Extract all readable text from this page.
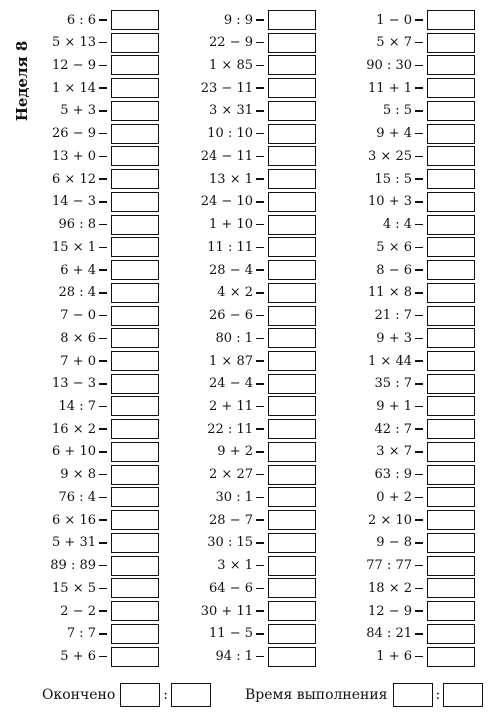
Неделя 8
6 : 6
5 × 13
12 − 9
1 × 14
5 + 3
26 − 9
13 + 0
6 × 12
14 − 3
96 : 8
15 × 1
6 + 4
28 : 4
7 − 0
8 × 6
7 + 0
13 − 3
14 : 7
16 × 2
6 + 10
9 × 8
76 : 4
6 × 16
5 + 31
89 : 89
15 × 5
2 − 2
7 : 7
5 + 6
9 : 9
22 − 9
1 × 85
23 − 11
3 × 31
10 : 10
24 − 11
13 × 1
24 − 10
1 + 10
11 : 11
28 − 4
4 × 2
26 − 6
80 : 1
1 × 87
24 − 4
2 + 11
22 : 11
9 + 2
2 × 27
30 : 1
28 − 7
30 : 15
3 × 1
64 − 6
30 + 11
11 − 5
94 : 1
1 − 0
5 × 7
90 : 30
11 + 1
5 : 5
9 + 4
3 × 25
15 : 5
10 + 3
4 : 4
5 × 6
8 − 6
11 × 8
21 : 7
9 + 3
1 × 44
35 : 7
9 + 1
42 : 7
3 × 7
63 : 9
0 + 2
2 × 10
9 − 8
77 : 77
18 × 2
12 − 9
84 : 21
1 + 6
Окончено	:	Время выполнения	:
